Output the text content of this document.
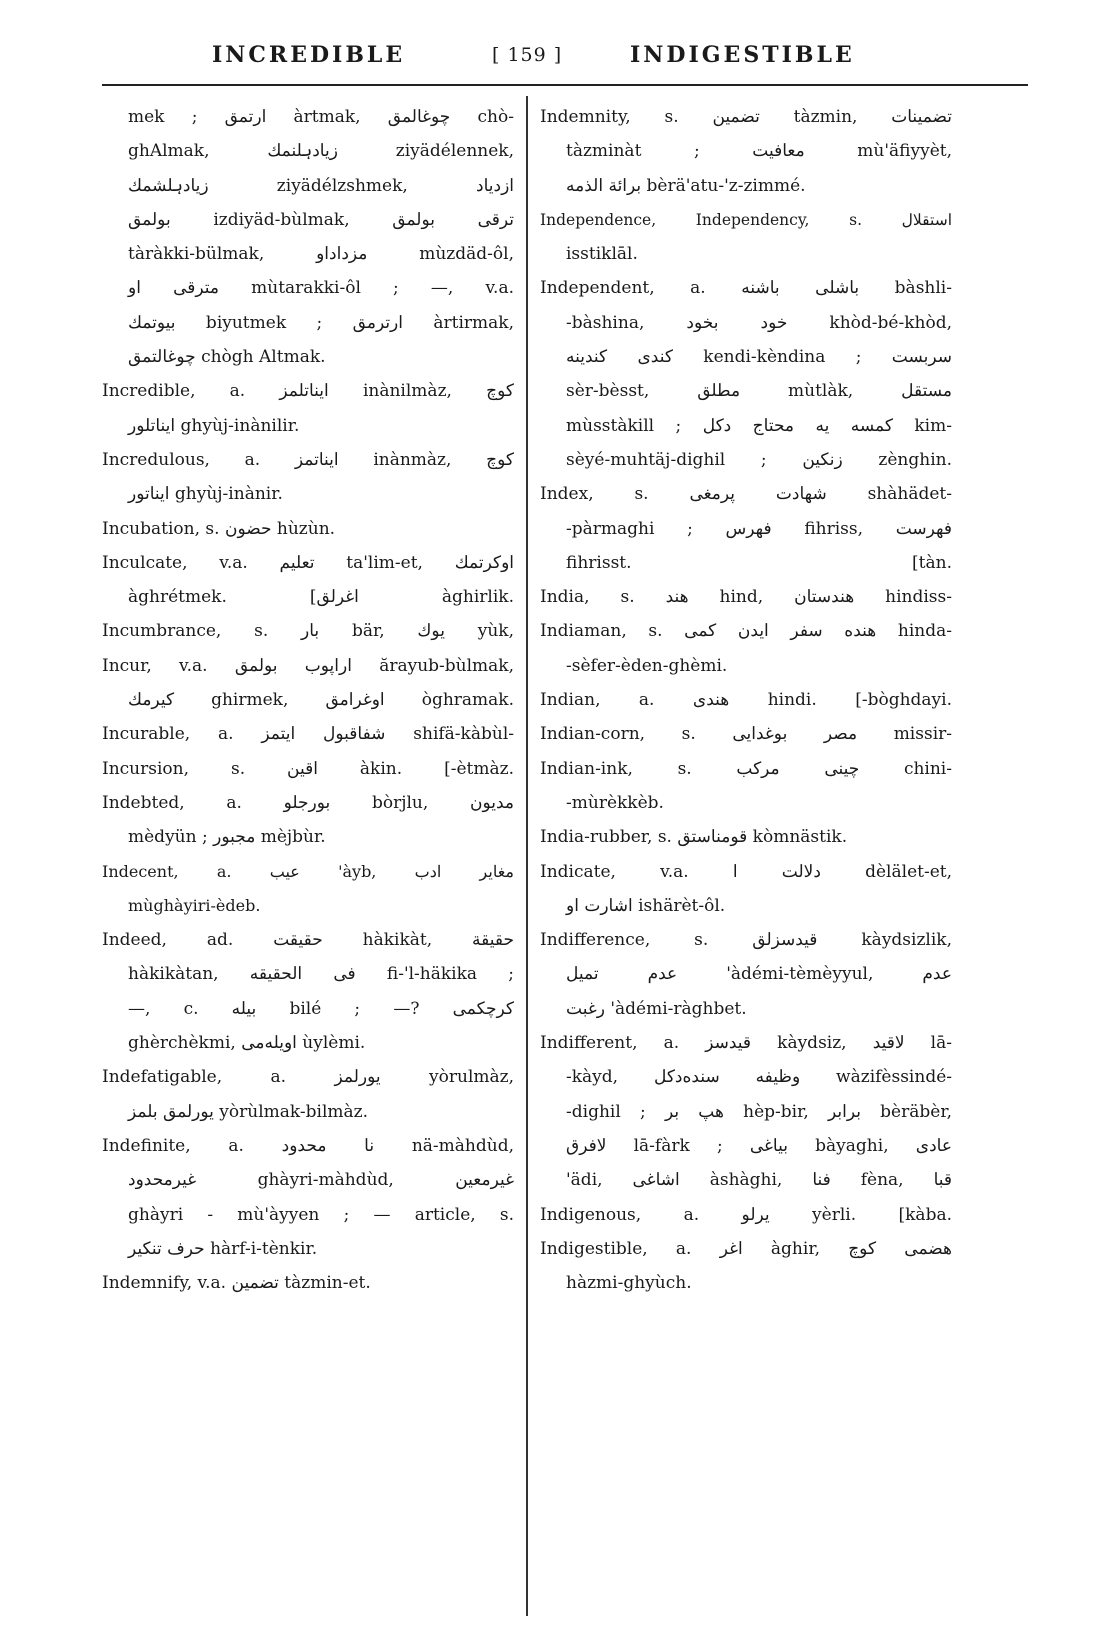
INCREDIBLE	[ 159 ]	INDIGESTIBLE
mek ; ارتمق àrtmak, چوغالمق chò-
ghAlmak, زیادہلنمك ziyädélennek,
زیادہلشمك ziyädélzshmek, ازدیاد
بولمق izdiyäd-bùlmak, ترقی بولمق
tàràkki-bülmak, مزداداو mùzdäd-ôl,
مترقی او mùtarakki-ôl ; —, v.a.
بیوتمك biyutmek ; ارترمق àrtirmak,
چوغالتمق chògh Altmak.
Incredible, a. ایناتلمز inànilmàz, کوچ
ایناتلور ghyùj-inànilir.
Incredulous, a. ایناتمز inànmàz, کوچ
ایناتور ghyùj-inànir.
Incubation, s. حضون hùzùn.
Inculcate, v.a. تعلیم ta'lim-et, اوکرتمك
àghrétmek. [اغرلق àghirlik.
Incumbrance, s. بار bär, یوك yùk,
Incur, v.a. اراپوب بولمق ărayub-bùlmak,
کیرمك ghirmek, اوغرامق òghramak.
Incurable, a. شفاقبول ایتمز shifä-kàbùl-
Incursion, s. اقین àkin. [-ètmàz.
Indebted, a. بورجلو bòrjlu, مدیون
mèdyün ; مجبور mèjbùr.
Indecent, a. عیب 'àyb, مغایر ادب
mùghàyiri-èdeb.
Indeed, ad. حقیقت hàkikàt, حقیقة
hàkikàtan, فی الحقیقه fi-'l-häkika ;
—, c. بیله bilé ; —? کرچکمی
ghèrchèkmi, اویلەمی ùylèmi.
Indefatigable, a. یورلمز yòrulmàz,
یورلمق بلمز yòrùlmak-bilmàz.
Indefinite, a. نا محدود nä-màhdùd,
غیرمحدود ghàyri-màhdùd, غیرمعین
ghàyri - mù'àyyen ; — article, s.
حرف تنکیر hàrf-i-tènkir.
Indemnify, v.a. تضمین tàzmin-et.
Indemnity, s. تضمین tàzmin, تضمینات
tàzminàt ; معافیت mù'äfiyyèt,
برائة الذمه bèrä'atu-'z-zimmé.
Independence, Independency, s. استقلال
isstiklāl.
Independent, a. باشلی باشنه bàshli-
-bàshina, خود بخود khòd-bé-khòd,
کندی کندینه kendi-kèndina ; سربست
sèr-bèsst, مطلق mùtlàk, مستقل
mùsstàkill ; کمسه یه محتاج دکل kim-
sèyé-muhtäj-dighil ; زنکین zènghin.
Index, s. شهادت پرمغی shàhädet-
-pàrmaghi ; فهرس fihriss, فهرست
fihrisst. [tàn.
India, s. هند hind, هندستان hindiss-
Indiaman, s. هنده سفر ایدن کمی hinda-
-sèfer-èden-ghèmi.
Indian, a. هندی hindi. [-bòghdayi.
Indian-corn, s. مصر بوغدایی missir-
Indian-ink, s. چینی مرکب chini-
-mùrèkkèb.
India-rubber, s. قومناستق kòmnästik.
Indicate, v.a. دلالت ا dèlälet-et,
اشارت او ishärèt-ôl.
Indifference, s. قیدسزلق kàydsizlik,
عدم تمیل 'àdémi-tèmèyyul, عدم
رغبت 'àdémi-ràghbet.
Indifferent, a. قیدسز kàydsiz, لاقید lā-
-kàyd, وظیفه سندەدکل wàzifèssindé-
-dighil ; هپ بر hèp-bir, برابر bèräbèr,
لافرق lā-fàrk ; بیاغی bàyaghi, عادی
'ädi, اشاغی àshàghi, فنا fèna, قبا
Indigenous, a. یرلو yèrli. [kàba.
Indigestible, a. اغر àghir, هضمی کوچ
hàzmi-ghyùch.
